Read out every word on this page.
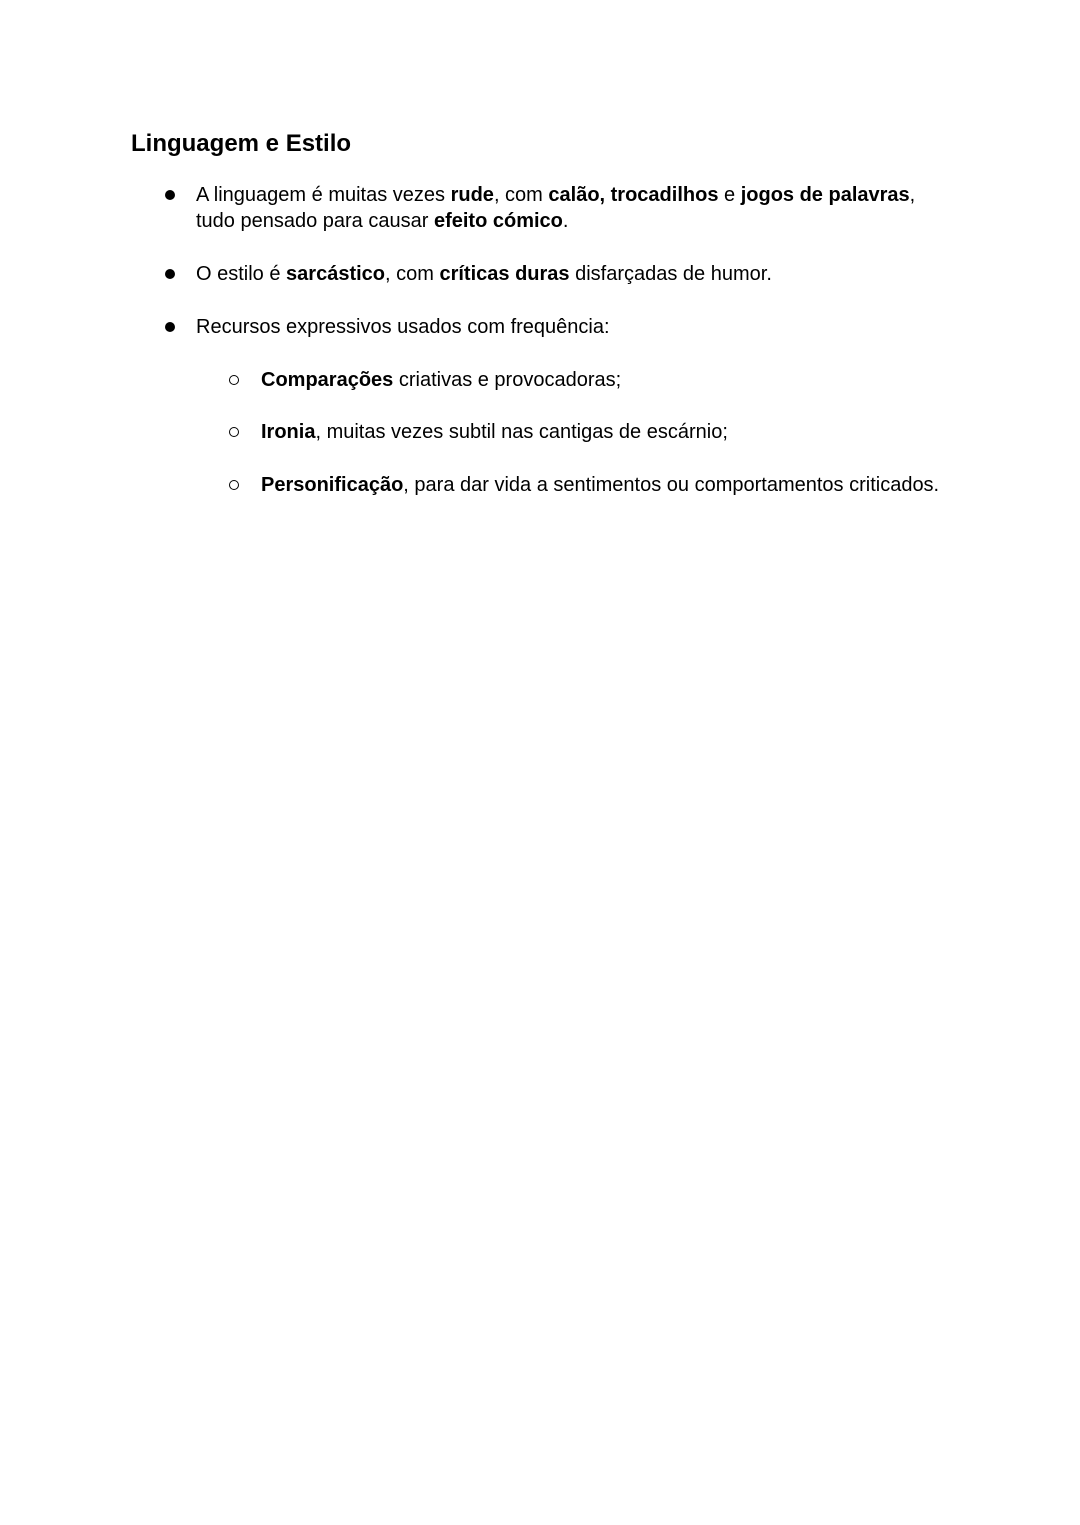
Linguagem e Estilo
A linguagem é muitas vezes rude, com calão, trocadilhos e jogos de palavras,
tudo pensado para causar efeito cómico.
O estilo é sarcástico, com críticas duras disfarçadas de humor.
Recursos expressivos usados com frequência:
Comparações criativas e provocadoras;
Ironia, muitas vezes subtil nas cantigas de escárnio;
Personificação, para dar vida a sentimentos ou comportamentos criticados.
